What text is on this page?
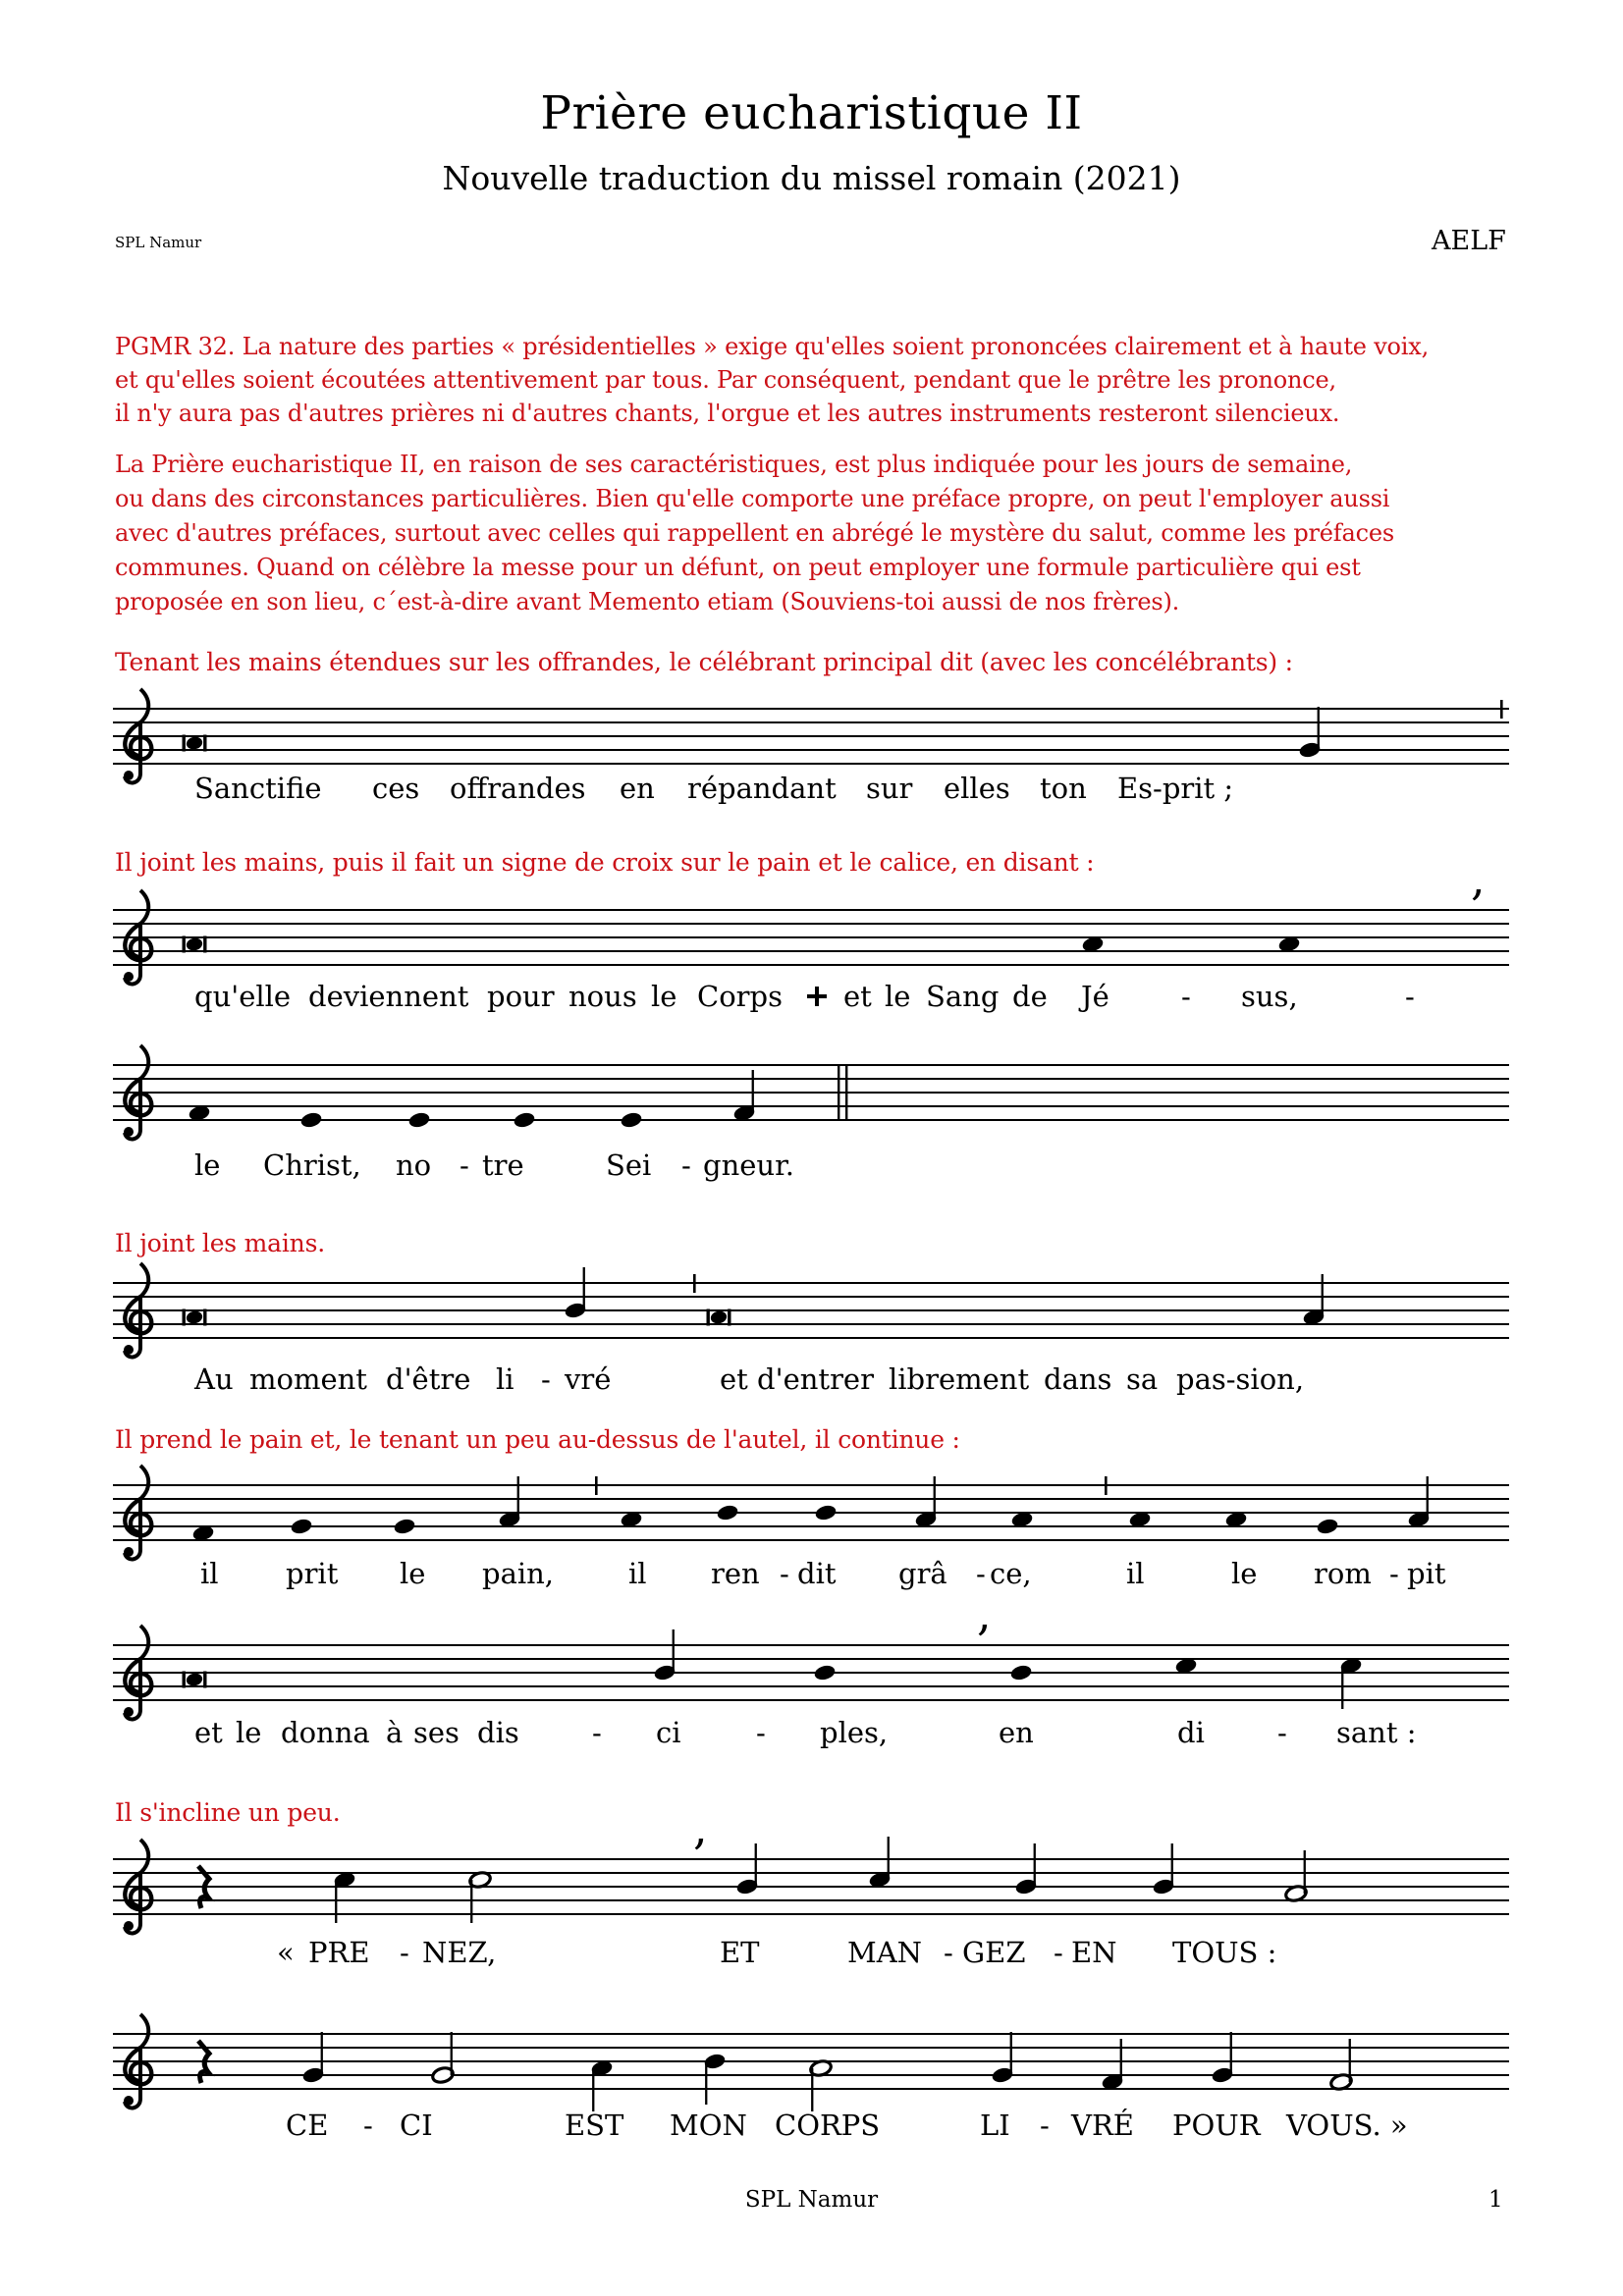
Prière eucharistique II
Nouvelle traduction du missel romain (2021)
SPL Namur	AELF

PGMR 32. La nature des parties « présidentielles » exige qu'elles soient prononcées clairement et à haute voix,

et qu'elles soient écoutées attentivement par tous. Par conséquent, pendant que le prêtre les prononce,

il n'y aura pas d'autres prières ni d'autres chants, l'orgue et les autres instruments resteront silencieux.

La Prière eucharistique II, en raison de ses caractéristiques, est plus indiquée pour les jours de semaine,

ou dans des circonstances particulières. Bien qu'elle comporte une préface propre, on peut l'employer aussi

avec d'autres préfaces, surtout avec celles qui rappellent en abrégé le mystère du salut, comme les préfaces

communes. Quand on célèbre la messe pour un défunt, on peut employer une formule particulière qui est

proposée en son lieu, c´est-à-dire avant Memento etiam (Souviens-toi aussi de nos frères).

,
,
,
Tenant les mains étendues sur les offrandes, le célébrant principal dit (avec les concélébrants) :
Il joint les mains, puis il fait un signe de croix sur le pain et le calice, en disant :
Il joint les mains.
Il prend le pain et, le tenant un peu au-dessus de l'autel, il continue :
Il s'incline un peu.
Sanctifie ces offrandes en répandant sur elles ton Es-prit ;
qu'elle deviennent pour nous le Corps et le Sang de Jé	- sus,	-
le Christ, no - tre	Sei - gneur.
Au moment d'être li - vré	et d'entrer librement dans sa pas-sion,
il prit le pain,	il ren - dit grâ - ce,	il	le rom - pit
et le donna à ses dis	- ci	- ples,	en	di	- sant :
« PRE - NEZ,	ET	MAN - GEZ - EN TOUS :
CE - CI	EST MON CORPS	LI - VRÉ POUR VOUS. »
SPL Namur	1
